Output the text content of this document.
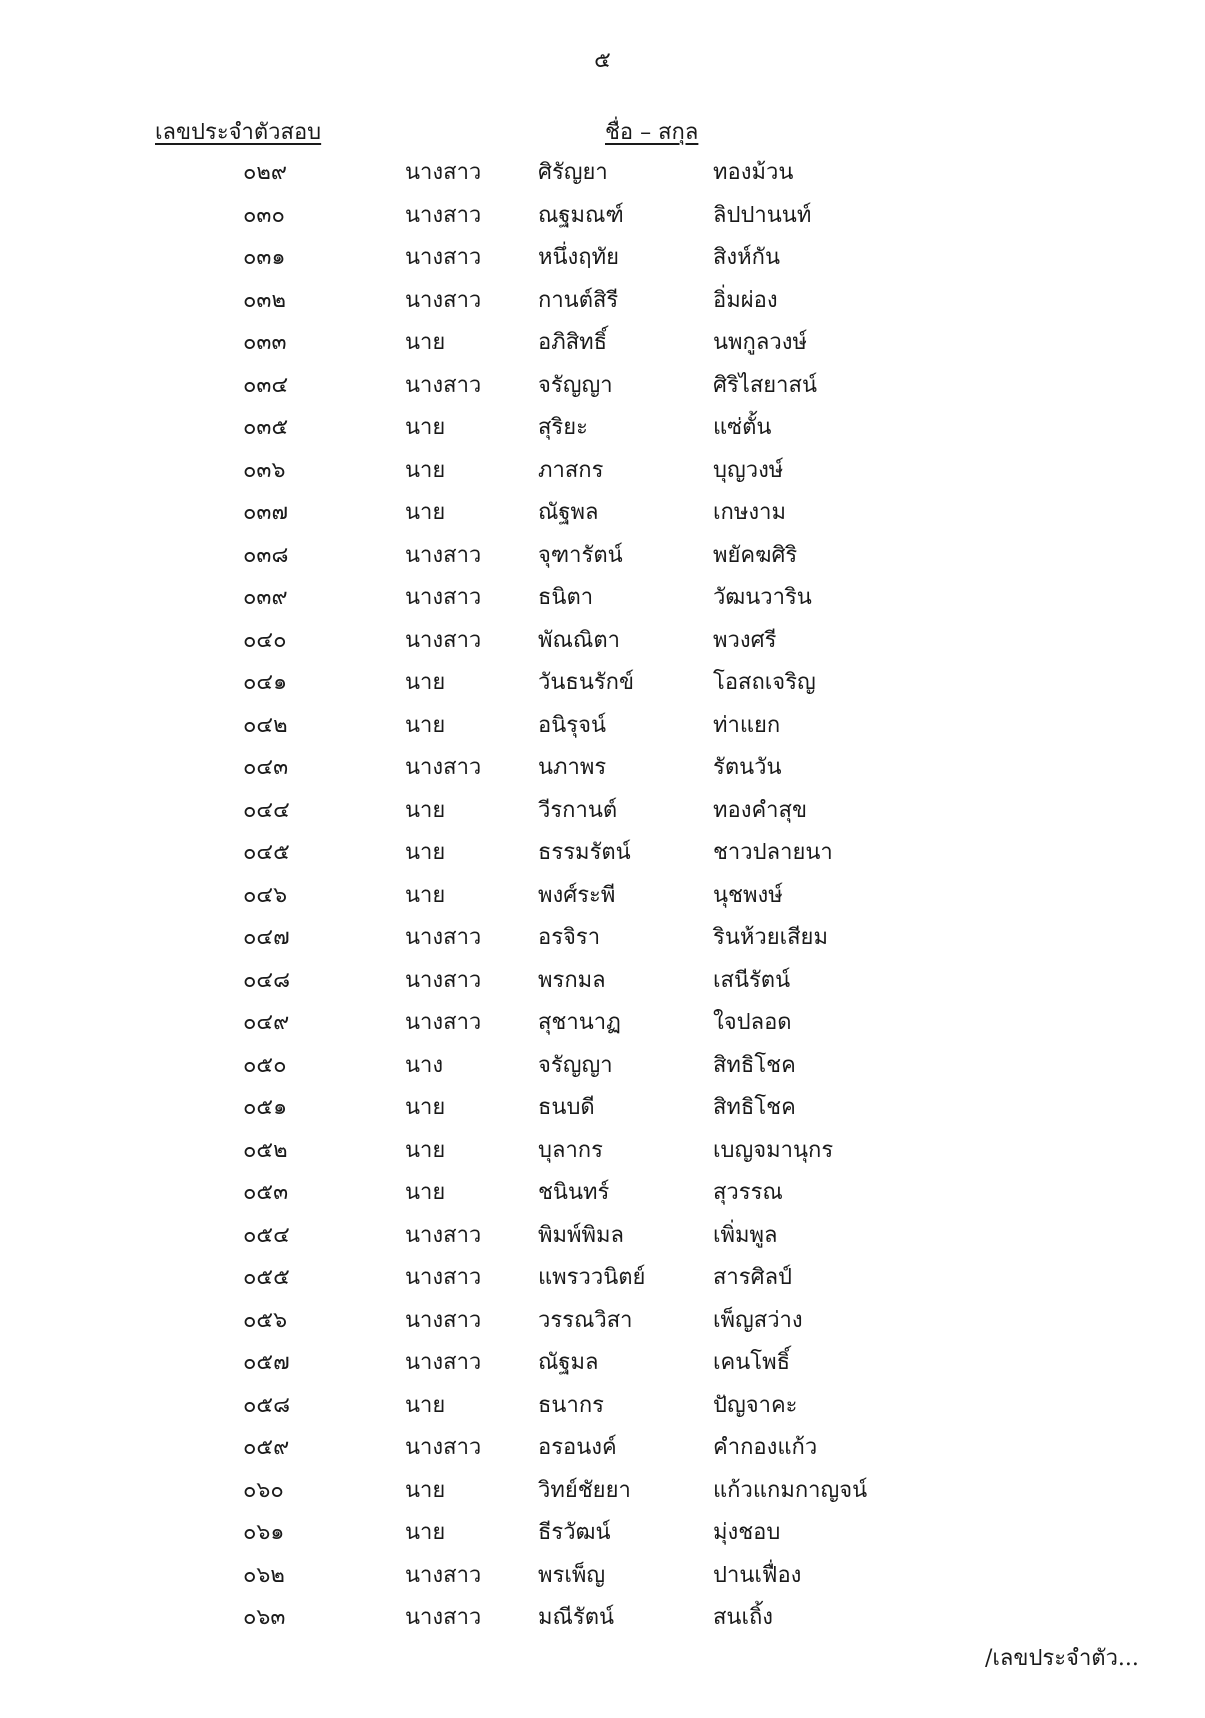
๕
เลขประจำตัวสอบ	ชื่อ – สกุล
๐๒๙	นางสาว	ศิรัญยา	ทองม้วน
๐๓๐	นางสาว	ณฐมณฑ์	ลิปปานนท์
๐๓๑	นางสาว	หนึ่งฤทัย	สิงห์กัน
๐๓๒	นางสาว	กานต์สิรี	อิ่มผ่อง
๐๓๓	นาย	อภิสิทธิ์	นพกูลวงษ์
๐๓๔	นางสาว	จรัญญา	ศิริไสยาสน์
๐๓๕	นาย	สุริยะ	แซ่ตั้น
๐๓๖	นาย	ภาสกร	บุญวงษ์
๐๓๗	นาย	ณัฐพล	เกษงาม
๐๓๘	นางสาว	จุฑารัตน์	พยัคฆศิริ
๐๓๙	นางสาว	ธนิตา	วัฒนวาริน
๐๔๐	นางสาว	พัณณิตา	พวงศรี
๐๔๑	นาย	วันธนรักข์	โอสถเจริญ
๐๔๒	นาย	อนิรุจน์	ท่าแยก
๐๔๓	นางสาว	นภาพร	รัตนวัน
๐๔๔	นาย	วีรกานต์	ทองคำสุข
๐๔๕	นาย	ธรรมรัตน์	ชาวปลายนา
๐๔๖	นาย	พงศ์ระพี	นุชพงษ์
๐๔๗	นางสาว	อรจิรา	รินห้วยเสียม
๐๔๘	นางสาว	พรกมล	เสนีรัตน์
๐๔๙	นางสาว	สุชานาฏ	ใจปลอด
๐๕๐	นาง	จรัญญา	สิทธิโชค
๐๕๑	นาย	ธนบดี	สิทธิโชค
๐๕๒	นาย	บุลากร	เบญจมานุกร
๐๕๓	นาย	ชนินทร์	สุวรรณ
๐๕๔	นางสาว	พิมพ์พิมล	เพิ่มพูล
๐๕๕	นางสาว	แพรววนิตย์	สารศิลป์
๐๕๖	นางสาว	วรรณวิสา	เพ็ญสว่าง
๐๕๗	นางสาว	ณัฐมล	เคนโพธิ์
๐๕๘	นาย	ธนากร	ปัญจาคะ
๐๕๙	นางสาว	อรอนงค์	คำกองแก้ว
๐๖๐	นาย	วิทย์ชัยยา	แก้วแกมกาญจน์
๐๖๑	นาย	ธีรวัฒน์	มุ่งชอบ
๐๖๒	นางสาว	พรเพ็ญ	ปานเฟื่อง
๐๖๓	นางสาว	มณีรัตน์	สนเถิ้ง
/เลขประจำตัว...
